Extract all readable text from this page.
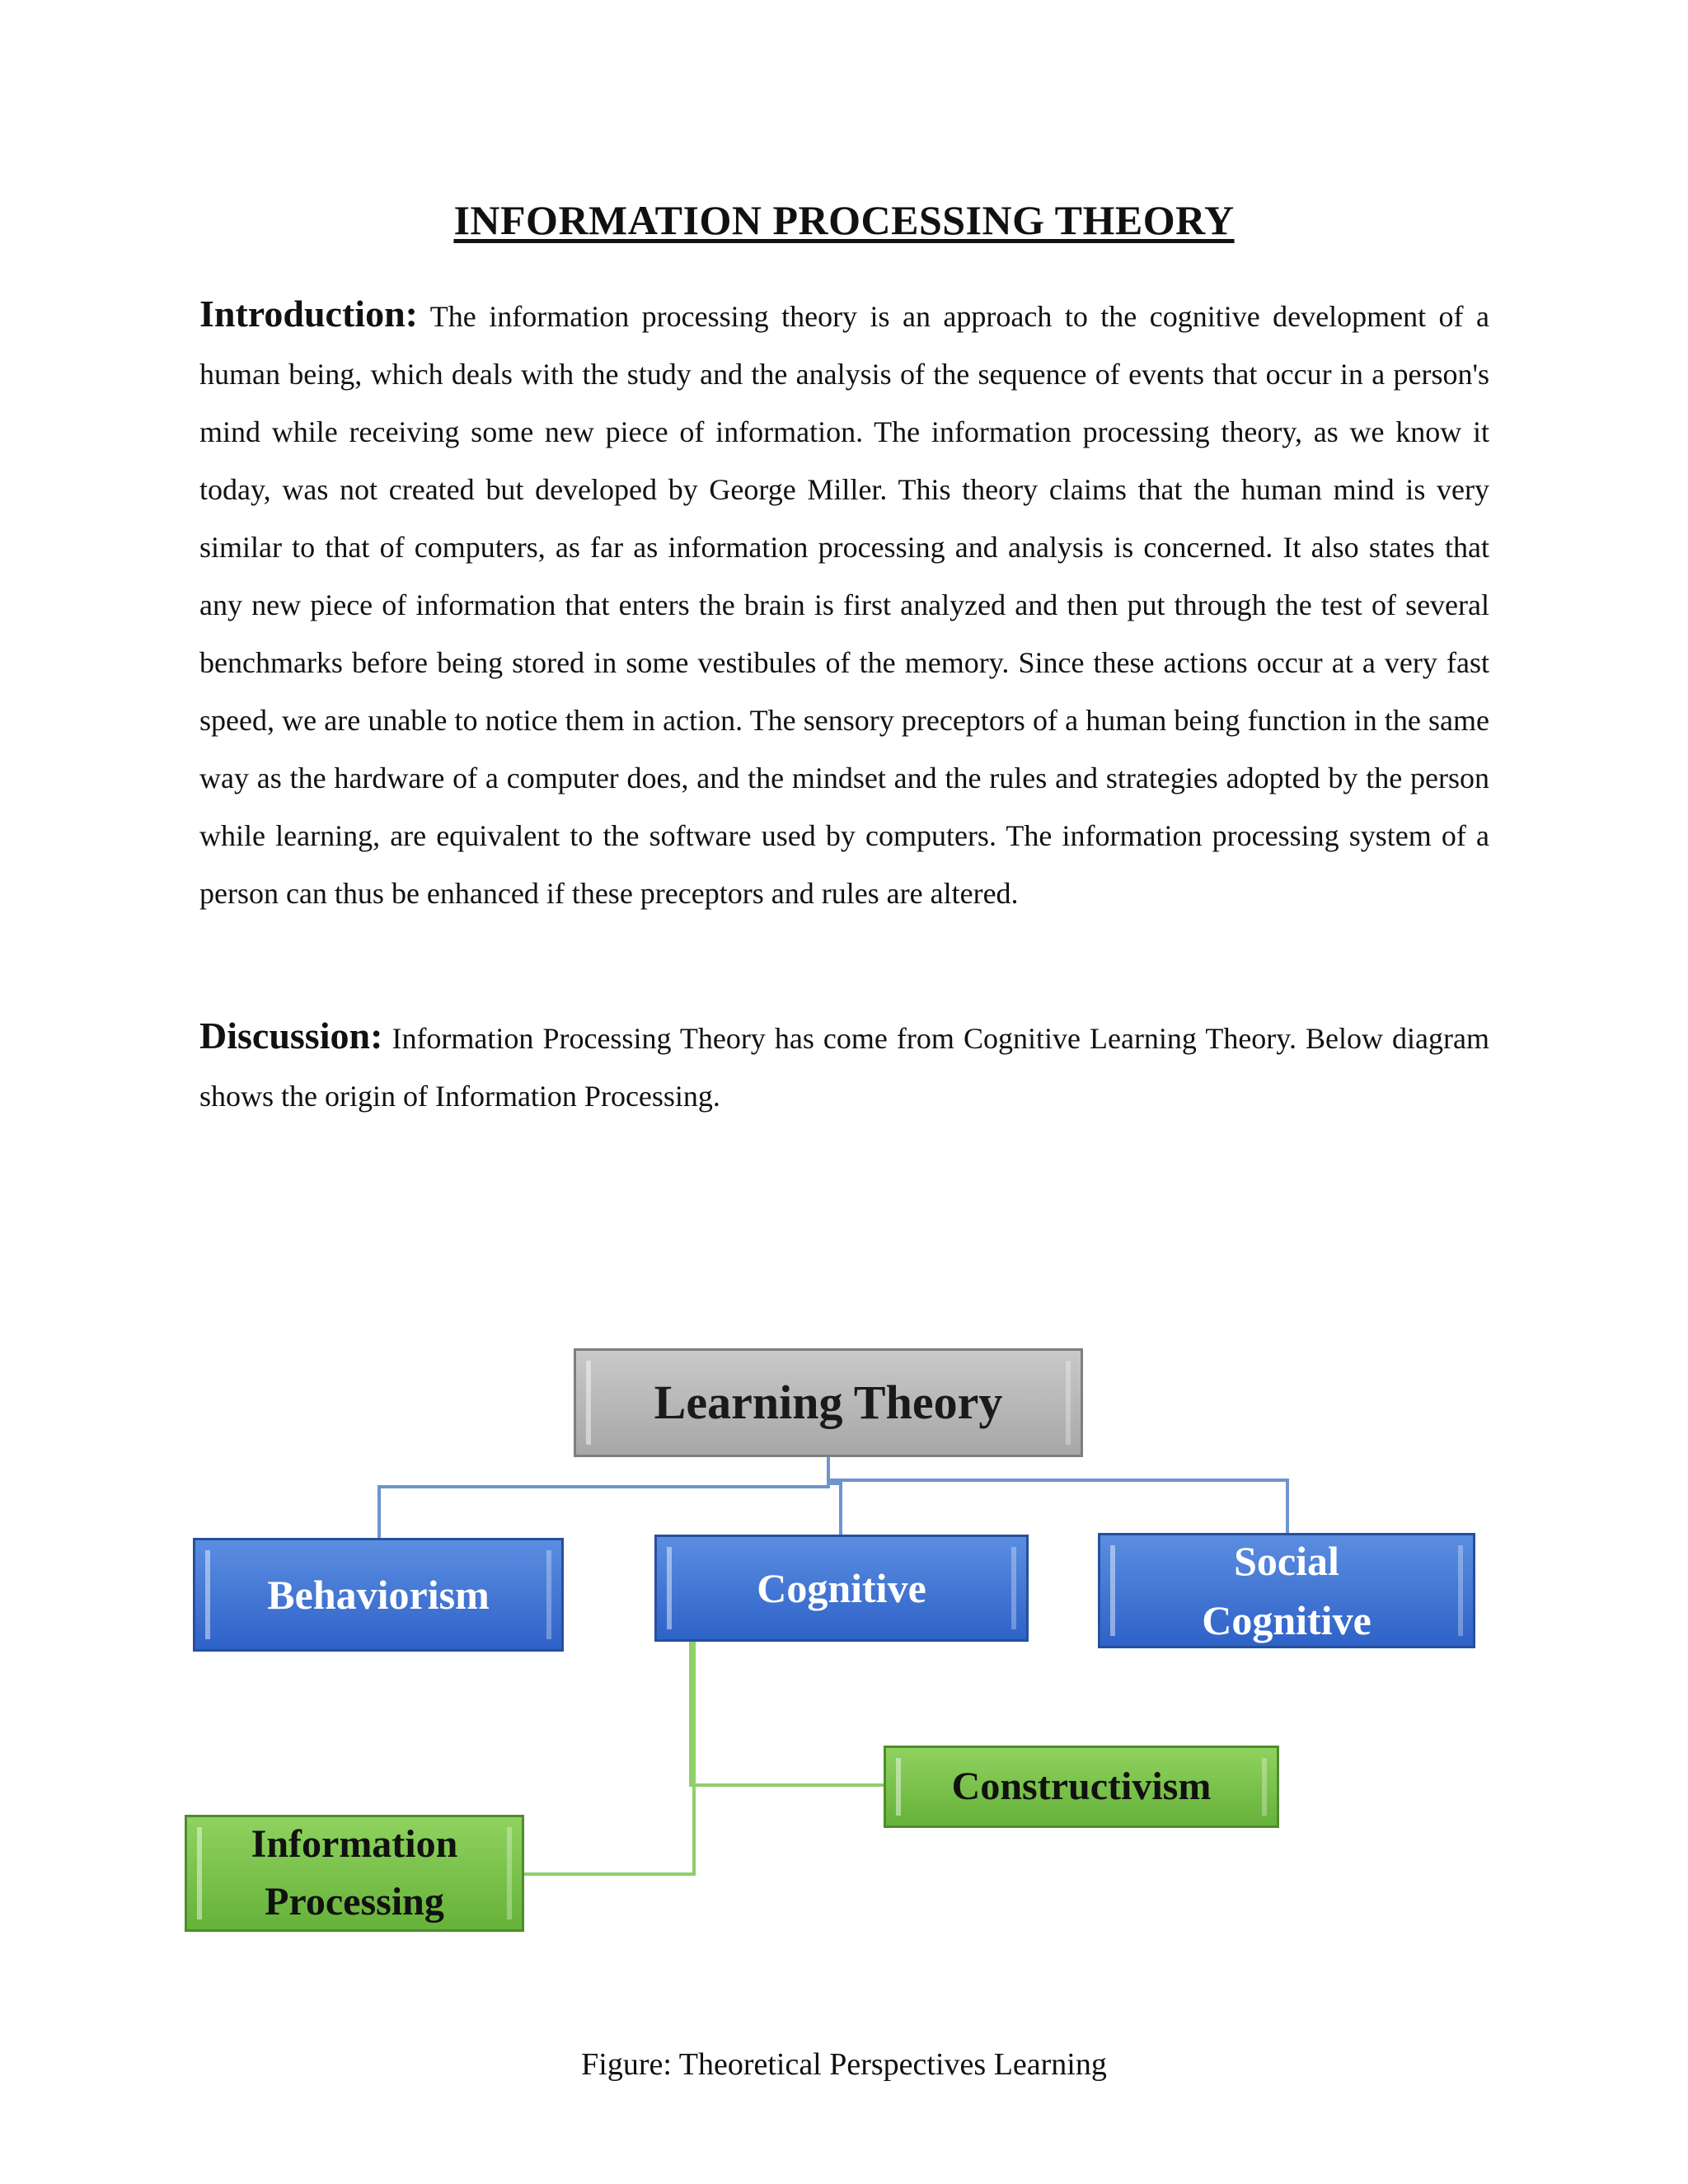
INFORMATION PROCESSING THEORY

Introduction: The information processing theory is an approach to the cognitive development of a human being, which deals with the study and the analysis of the sequence of events that occur in a person's mind while receiving some new piece of information. The information processing theory, as we know it today, was not created but developed by George Miller. This theory claims that the human mind is very similar to that of computers, as far as information processing and analysis is concerned. It also states that any new piece of information that enters the brain is first analyzed and then put through the test of several benchmarks before being stored in some vestibules of the memory. Since these actions occur at a very fast speed, we are unable to notice them in action. The sensory preceptors of a human being function in the same way as the hardware of a computer does, and the mindset and the rules and strategies adopted by the person while learning, are equivalent to the software used by computers. The information processing system of a person can thus be enhanced if these preceptors and rules are altered.

Discussion: Information Processing Theory has come from Cognitive Learning Theory. Below diagram shows the origin of Information Processing.

Learning Theory
Behaviorism	Cognitive
Social
Cognitive
Constructivism
Information
Processing
Figure: Theoretical Perspectives Learning
